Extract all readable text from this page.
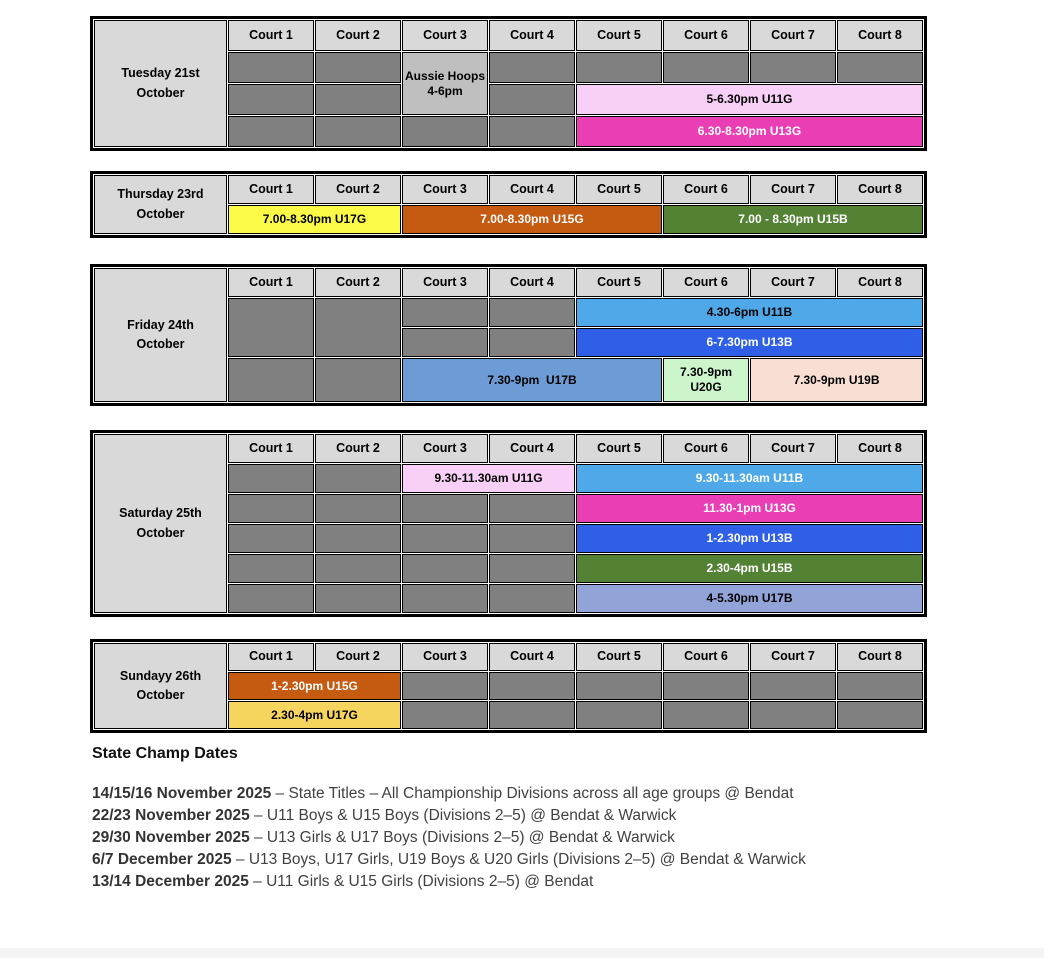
Tuesday 21st
October	Court 1	Court 2	Court 3	Court 4	Court 5	Court 6	Court 7	Court 8
			Aussie Hoops 4-6pm					
					5-6.30pm U11G			
					6.30-8.30pm U13G			
Thursday 23rd
October	Court 1	Court 2	Court 3	Court 4	Court 5	Court 6	Court 7	Court 8
	7.00-8.30pm U17G		7.00-8.30pm U15G			7.00 - 8.30pm U15B		
Friday 24th
October	Court 1	Court 2	Court 3	Court 4	Court 5	Court 6	Court 7	Court 8
					4.30-6pm U11B			
					6-7.30pm U13B			
			7.30-9pm  U17B			7.30-9pm U20G	7.30-9pm U19B	
Saturday 25th
October	Court 1	Court 2	Court 3	Court 4	Court 5	Court 6	Court 7	Court 8
			9.30-11.30am U11G		9.30-11.30am U11B			
					11.30-1pm U13G			
					1-2.30pm U13B			
					2.30-4pm U15B			
					4-5.30pm U17B			
Sundayy 26th
October	Court 1	Court 2	Court 3	Court 4	Court 5	Court 6	Court 7	Court 8
	1-2.30pm U15G							
	2.30-4pm U17G							
State Champ Dates
14/15/16 November 2025 – State Titles – All Championship Divisions across all age groups @ Bendat
22/23 November 2025 – U11 Boys & U15 Boys (Divisions 2–5) @ Bendat & Warwick
29/30 November 2025 – U13 Girls & U17 Boys (Divisions 2–5) @ Bendat & Warwick
6/7 December 2025 – U13 Boys, U17 Girls, U19 Boys & U20 Girls (Divisions 2–5) @ Bendat & Warwick
13/14 December 2025 – U11 Girls & U15 Girls (Divisions 2–5) @ Bendat
